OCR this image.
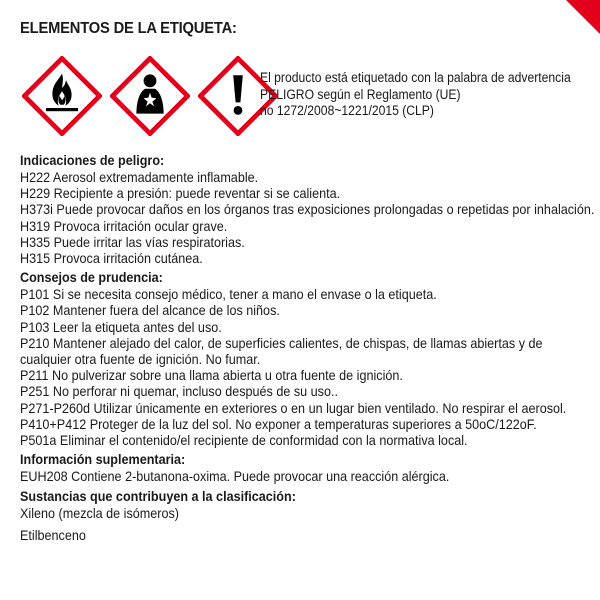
ELEMENTOS DE LA ETIQUETA:
El producto está etiquetado con la palabra de advertencia
PELIGRO según el Reglamento (UE)
no 1272/2008~1221/2015 (CLP)
Indicaciones de peligro:
H222 Aerosol extremadamente inflamable.
H229 Recipiente a presión: puede reventar si se calienta.
H373i Puede provocar daños en los órganos tras exposiciones prolongadas o repetidas por inhalación.
H319 Provoca irritación ocular grave.
H335 Puede irritar las vías respiratorias.
H315 Provoca irritación cutánea.
Consejos de prudencia:
P101 Si se necesita consejo médico, tener a mano el envase o la etiqueta.
P102 Mantener fuera del alcance de los niños.
P103 Leer la etiqueta antes del uso.
P210 Mantener alejado del calor, de superficies calientes, de chispas, de llamas abiertas y de cualquier otra fuente de ignición. No fumar.
P211 No pulverizar sobre una llama abierta u otra fuente de ignición.
P251 No perforar ni quemar, incluso después de su uso..
P271-P260d Utilizar únicamente en exteriores o en un lugar bien ventilado. No respirar el aerosol.
P410+P412 Proteger de la luz del sol. No exponer a temperaturas superiores a 50oC/122oF.
P501a Eliminar el contenido/el recipiente de conformidad con la normativa local.
Información suplementaria:
EUH208 Contiene 2-butanona-oxima. Puede provocar una reacción alérgica.
Sustancias que contribuyen a la clasificación:
Xileno (mezcla de isómeros)
Etilbenceno
